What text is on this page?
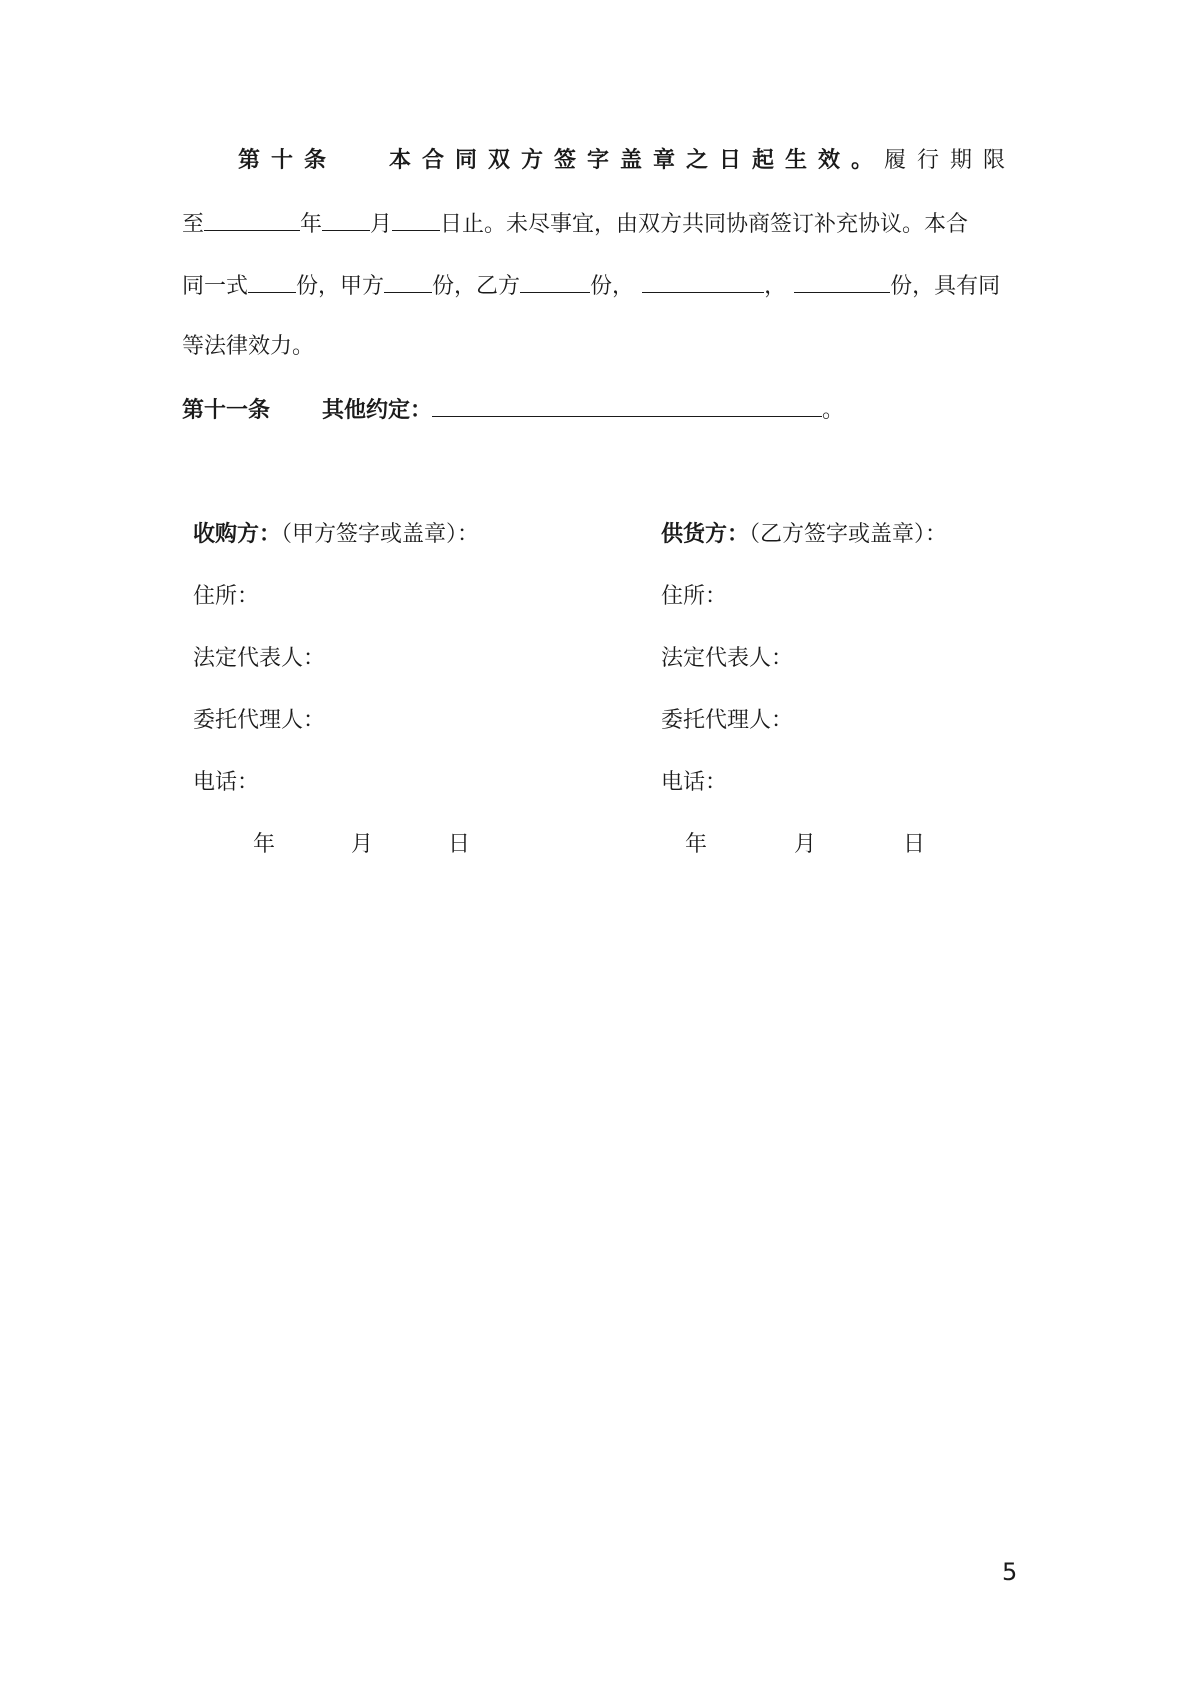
第十条 本合同双方签字盖章之日起生效。履行期限
至	年 月 日止。未尽事宜，由双方共同协商签订补充协议。本合
同一式 份，甲方 份，乙方	份，	，	份，具有同
等法律效力。
第十一条 其他约定：	。
收购方：（甲方签字或盖章）：
住所：
法定代表人：
委托代理人：
电话：
年	月	日
供货方：（乙方签字或盖章）：
住所：
法定代表人：
委托代理人：
电话：
年	月	日
5
